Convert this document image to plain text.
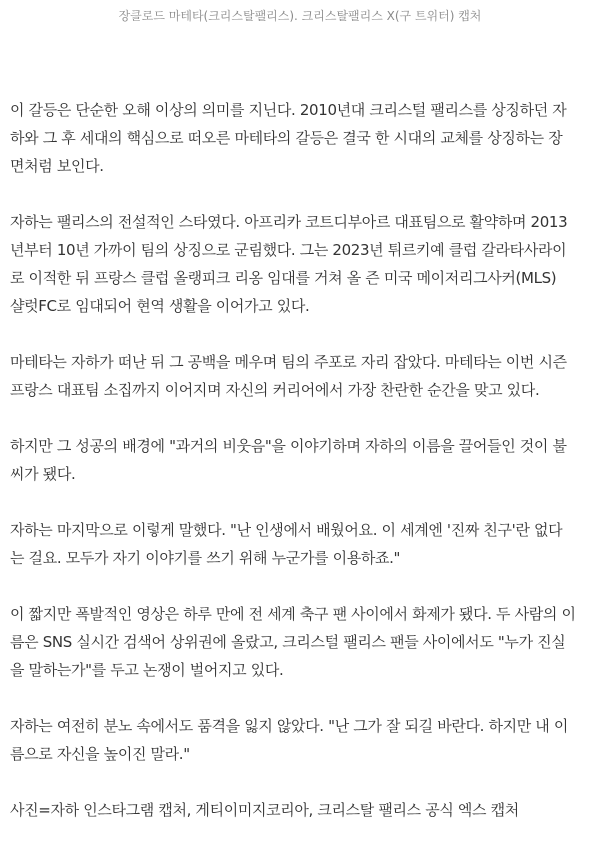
장클로드 마테타(크리스탈팰리스). 크리스탈팰리스 X(구 트위터) 캡처

이 갈등은 단순한 오해 이상의 의미를 지닌다. 2010년대 크리스털 팰리스를 상징하던 자
하와 그 후 세대의 핵심으로 떠오른 마테타의 갈등은 결국 한 시대의 교체를 상징하는 장
면처럼 보인다.

자하는 팰리스의 전설적인 스타였다. 아프리카 코트디부아르 대표팀으로 활약하며 2013
년부터 10년 가까이 팀의 상징으로 군림했다. 그는 2023년 튀르키예 클럽 갈라타사라이
로 이적한 뒤 프랑스 클럽 올랭피크 리옹 임대를 거쳐 올 즌 미국 메이저리그사커(MLS)
샬럿FC로 임대되어 현역 생활을 이어가고 있다.

마테타는 자하가 떠난 뒤 그 공백을 메우며 팀의 주포로 자리 잡았다. 마테타는 이번 시즌
프랑스 대표팀 소집까지 이어지며 자신의 커리어에서 가장 찬란한 순간을 맞고 있다.

하지만 그 성공의 배경에 "과거의 비웃음"을 이야기하며 자하의 이름을 끌어들인 것이 불
씨가 됐다.

자하는 마지막으로 이렇게 말했다. "난 인생에서 배웠어요. 이 세계엔 '진짜 친구'란 없다
는 걸요. 모두가 자기 이야기를 쓰기 위해 누군가를 이용하죠."

이 짧지만 폭발적인 영상은 하루 만에 전 세계 축구 팬 사이에서 화제가 됐다. 두 사람의 이
름은 SNS 실시간 검색어 상위권에 올랐고, 크리스털 팰리스 팬들 사이에서도 "누가 진실
을 말하는가"를 두고 논쟁이 벌어지고 있다.

자하는 여전히 분노 속에서도 품격을 잃지 않았다. "난 그가 잘 되길 바란다. 하지만 내 이
름으로 자신을 높이진 말라."

사진=자하 인스타그램 캡처, 게티이미지코리아, 크리스탈 팰리스 공식 엑스 캡처
